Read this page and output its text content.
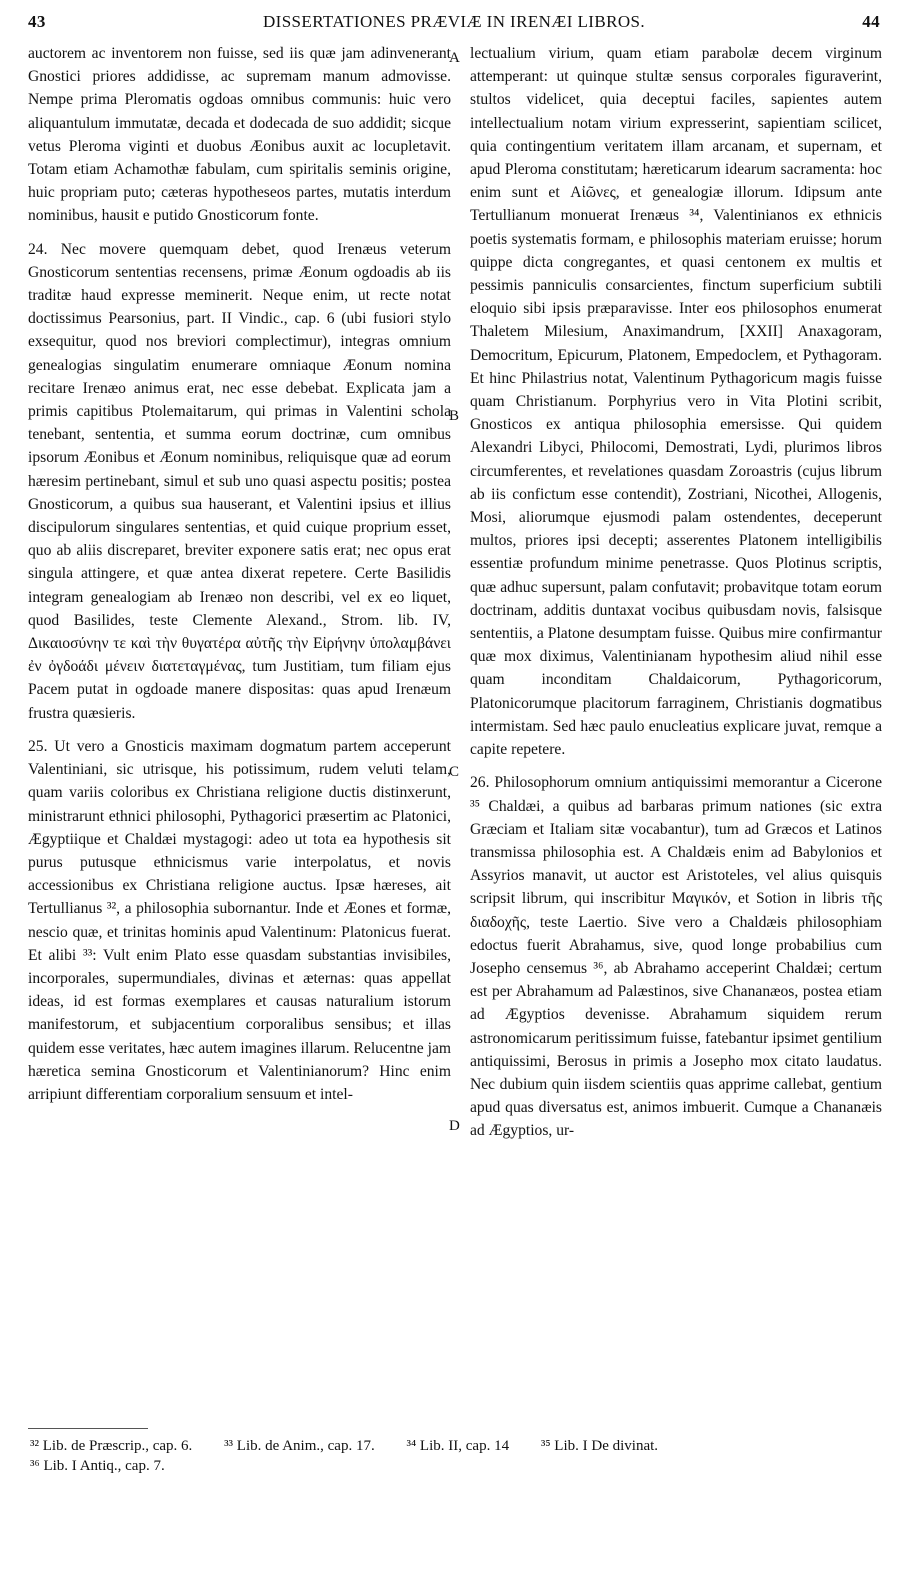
43	DISSERTATIONES PRÆVIÆ IN IRENÆI LIBROS.	44

auctorem ac inventorem non fuisse, sed iis quæ jam adinvenerant Gnostici priores addidisse, ac supremam manum admovisse. Nempe prima Pleromatis ogdoas omnibus communis: huic vero aliquantulum immutatæ, decada et dodecada de suo addidit; sicque vetus Pleroma viginti et duobus Æonibus auxit ac locupletavit. Totam etiam Achamothæ fabulam, cum spiritalis seminis origine, huic propriam puto; cæteras hypotheseos partes, mutatis interdum nominibus, hausit e putido Gnosticorum fonte.

24. Nec movere quemquam debet, quod Irenæus veterum Gnosticorum sententias recensens, primæ Æonum ogdoadis ab iis traditæ haud expresse meminerit. Neque enim, ut recte notat doctissimus Pearsonius, part. II Vindic., cap. 6 (ubi fusiori stylo exsequitur, quod nos breviori complectimur), integras omnium genealogias singulatim enumerare omniaque Æonum nomina recitare Irenæo animus erat, nec esse debebat. Explicata jam a primis capitibus Ptolemaitarum, qui primas in Valentini schola tenebant, sententia, et summa eorum doctrinæ, cum omnibus ipsorum Æonibus et Æonum nominibus, reliquisque quæ ad eorum hæresim pertinebant, simul et sub uno quasi aspectu positis; postea Gnosticorum, a quibus sua hauserant, et Valentini ipsius et illius discipulorum singulares sententias, et quid cuique proprium esset, quo ab aliis discreparet, breviter exponere satis erat; nec opus erat singula attingere, et quæ antea dixerat repetere. Certe Basilidis integram genealogiam ab Irenæo non describi, vel ex eo liquet, quod Basilides, teste Clemente Alexand., Strom. lib. IV, Δικαιοσύνην τε καὶ τὴν θυγατέρα αὐτῆς τὴν Εἰρήνην ὑπολαμβάνει ἐν ὀγδοάδι μένειν διατεταγμένας, tum Justitiam, tum filiam ejus Pacem putat in ogdoade manere dispositas: quas apud Irenæum frustra quæsieris.

25. Ut vero a Gnosticis maximam dogmatum partem acceperunt Valentiniani, sic utrisque, his potissimum, rudem veluti telam, quam variis coloribus ex Christiana religione ductis distinxerunt, ministrarunt ethnici philosophi, Pythagorici præsertim ac Platonici, Ægyptiique et Chaldæi mystagogi: adeo ut tota ea hypothesis sit purus putusque ethnicismus varie interpolatus, et novis accessionibus ex Christiana religione auctus. Ipsæ hæreses, ait Tertullianus ³², a philosophia subornantur. Inde et Æones et formæ, nescio quæ, et trinitas hominis apud Valentinum: Platonicus fuerat. Et alibi ³³: Vult enim Plato esse quasdam substantias invisibiles, incorporales, supermundiales, divinas et æternas: quas appellat ideas, id est formas exemplares et causas naturalium istorum manifestorum, et subjacentium corporalibus sensibus; et illas quidem esse veritates, hæc autem imagines illarum. Relucentne jam hæretica semina Gnosticorum et Valentinianorum? Hinc enim arripiunt differentiam corporalium sensuum et intel-

A
B
C
D

lectualium virium, quam etiam parabolæ decem virginum attemperant: ut quinque stultæ sensus corporales figuraverint, stultos videlicet, quia deceptui faciles, sapientes autem intellectualium notam virium expresserint, sapientiam scilicet, quia contingentium veritatem illam arcanam, et supernam, et apud Pleroma constitutam; hæreticarum idearum sacramenta: hoc enim sunt et Αἰῶνες, et genealogiæ illorum. Idipsum ante Tertullianum monuerat Irenæus ³⁴, Valentinianos ex ethnicis poetis systematis formam, e philosophis materiam eruisse; horum quippe dicta congregantes, et quasi centonem ex multis et pessimis panniculis consarcientes, finctum superficium subtili eloquio sibi ipsis præparavisse. Inter eos philosophos enumerat Thaletem Milesium, Anaximandrum, [XXII] Anaxagoram, Democritum, Epicurum, Platonem, Empedoclem, et Pythagoram. Et hinc Philastrius notat, Valentinum Pythagoricum magis fuisse quam Christianum. Porphyrius vero in Vita Plotini scribit, Gnosticos ex antiqua philosophia emersisse. Qui quidem Alexandri Libyci, Philocomi, Demostrati, Lydi, plurimos libros circumferentes, et revelationes quasdam Zoroastris (cujus librum ab iis confictum esse contendit), Zostriani, Nicothei, Allogenis, Mosi, aliorumque ejusmodi palam ostendentes, deceperunt multos, priores ipsi decepti; asserentes Platonem intelligibilis essentiæ profundum minime penetrasse. Quos Plotinus scriptis, quæ adhuc supersunt, palam confutavit; probavitque totam eorum doctrinam, additis duntaxat vocibus quibusdam novis, falsisque sententiis, a Platone desumptam fuisse. Quibus mire confirmantur quæ mox diximus, Valentinianam hypothesim aliud nihil esse quam inconditam Chaldaicorum, Pythagoricorum, Platonicorumque placitorum farraginem, Christianis dogmatibus intermistam. Sed hæc paulo enucleatius explicare juvat, remque a capite repetere.

26. Philosophorum omnium antiquissimi memorantur a Cicerone ³⁵ Chaldæi, a quibus ad barbaras primum nationes (sic extra Græciam et Italiam sitæ vocabantur), tum ad Græcos et Latinos transmissa philosophia est. A Chaldæis enim ad Babylonios et Assyrios manavit, ut auctor est Aristoteles, vel alius quisquis scripsit librum, qui inscribitur Μαγικόν, et Sotion in libris τῆς διαδοχῆς, teste Laertio. Sive vero a Chaldæis philosophiam edoctus fuerit Abrahamus, sive, quod longe probabilius cum Josepho censemus ³⁶, ab Abrahamo acceperint Chaldæi; certum est per Abrahamum ad Palæstinos, sive Chananæos, postea etiam ad Ægyptios devenisse. Abrahamum siquidem rerum astronomicarum peritissimum fuisse, fatebantur ipsimet gentilium antiquissimi, Berosus in primis a Josepho mox citato laudatus. Nec dubium quin iisdem scientiis quas apprime callebat, gentium apud quas diversatus est, animos imbuerit. Cumque a Chananæis ad Ægyptios, ur-

³² Lib. de Præscrip., cap. 6. ³³ Lib. de Anim., cap. 17. ³⁴ Lib. II, cap. 14 ³⁵ Lib. I De divinat.
³⁶ Lib. I Antiq., cap. 7.
